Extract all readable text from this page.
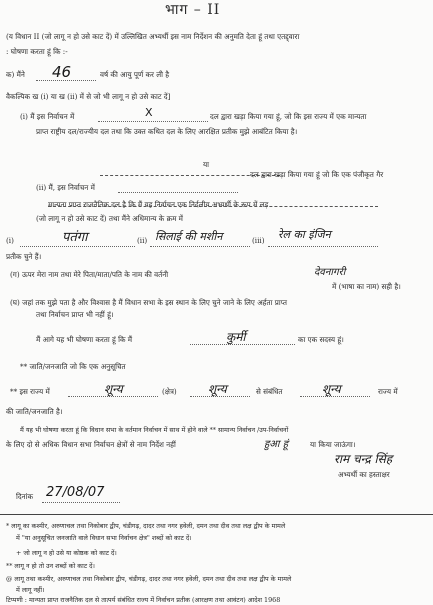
भाग – II
(य विधान II (जो लागू न हो उसे काट दें) में उल्लिखित अभ्यर्थी इस नाम निर्देशन की अनुमति देता हूं तथा एतद्द्वारा
: घोषणा करता हूं कि :-
क) मैंने 46	वर्ष की आयु पूर्ण कर ली है
वैकल्पिक ख (i) या ख (ii) में से जो भी लागू न हो उसे काट दें]
(i) मैं इस निर्वाचन में	X	दल द्वारा खड़ा किया गया हूं, जो कि इस राज्य में एक मान्यता
प्राप्त राष्ट्रीय दल/राज्यीय दल तथा कि उक्त कथित दल के लिए आरक्षित प्रतीक मुझे आबंटित किया है।
या
दल द्वारा खड़ा किया गया हूं जो कि एक पंजीकृत गैर
(ii) मैं, इस निर्वाचन में
मान्यता प्राप्त राजनैतिक दल है कि मैं यह निर्वाचन एक निर्दलीय अभ्यर्थी के रूप में लड़
(जो लागू न हो उसे काट दें) तथा मैंने अधिमान्य के क्रम में
(i)	पतंगा	(ii) सिलाई की मशीन	(iii) रेल का इंजिन
प्रतीक चुने हैं।
(ग) ऊपर मेरा नाम तथा मेरे पिता/माता/पति के नाम की वर्तनी	देवनागरी
में (भाषा का नाम) सही है।
(घ) जहां तक मुझे पता है और विश्वास है मैं विधान सभा के इस स्थान के लिए चुने जाने के लिए अर्हता प्राप्त
तथा निर्वाचन प्राप्त भी नहीं हूं।
मैं आगे यह भी घोषणा करता हूं कि मैं	कुर्मी	का एक सदस्य हूं।
** जाति/जनजाति जो कि एक अनुसूचित
** इस राज्य में	शून्य	(क्षेत्र)	शून्य	से संबंधित	शून्य	राज्य में
की जाति/जनजाति है।
मैं यह भी घोषणा करता हूं कि विधान सभा के वर्तमान निर्वाचन में साथ में होने वाले ** सामान्य निर्वाचन /उप-निर्वाचनों
के लिए दो से अधिक विधान सभा निर्वाचन क्षेत्रों से नाम निर्देश नहीं	हुआ हूं	या किया जाऊंगा।
राम चन्द्र सिंह
अभ्यर्थी का हस्ताक्षर
दिनांक 27/08/07
* लागू का कश्मीर, अरुणाचल तथा निकोबार द्वीप, चंडीगढ़, दादर तथा नगर हवेली, दमन तथा दीव तथा लक्ष द्वीप के मामले
में "या अनुसूचित जनजाति वाले विधान सभा निर्वाचन क्षेत्र" शब्दों को काट दें।
+ जो लागू न हो उसे या कोष्ठक को काट दें।
** लागू न हो तो उन शब्दों को काट दें।
@ लागू तथा कश्मीर, अरुणाचल तथा निकोबार द्वीप, चंडीगढ़, दादर तथा नगर हवेली, दमन तथा दीव तथा लक्ष द्वीप के मामले
में लागू नहीं।
टिप्पणी : मान्यता प्राप्त राजनैतिक दल से तात्पर्य संबंधित राज्य में निर्वाचन प्रतीक (आरक्षण तथा आवंटन) आदेश 1968
